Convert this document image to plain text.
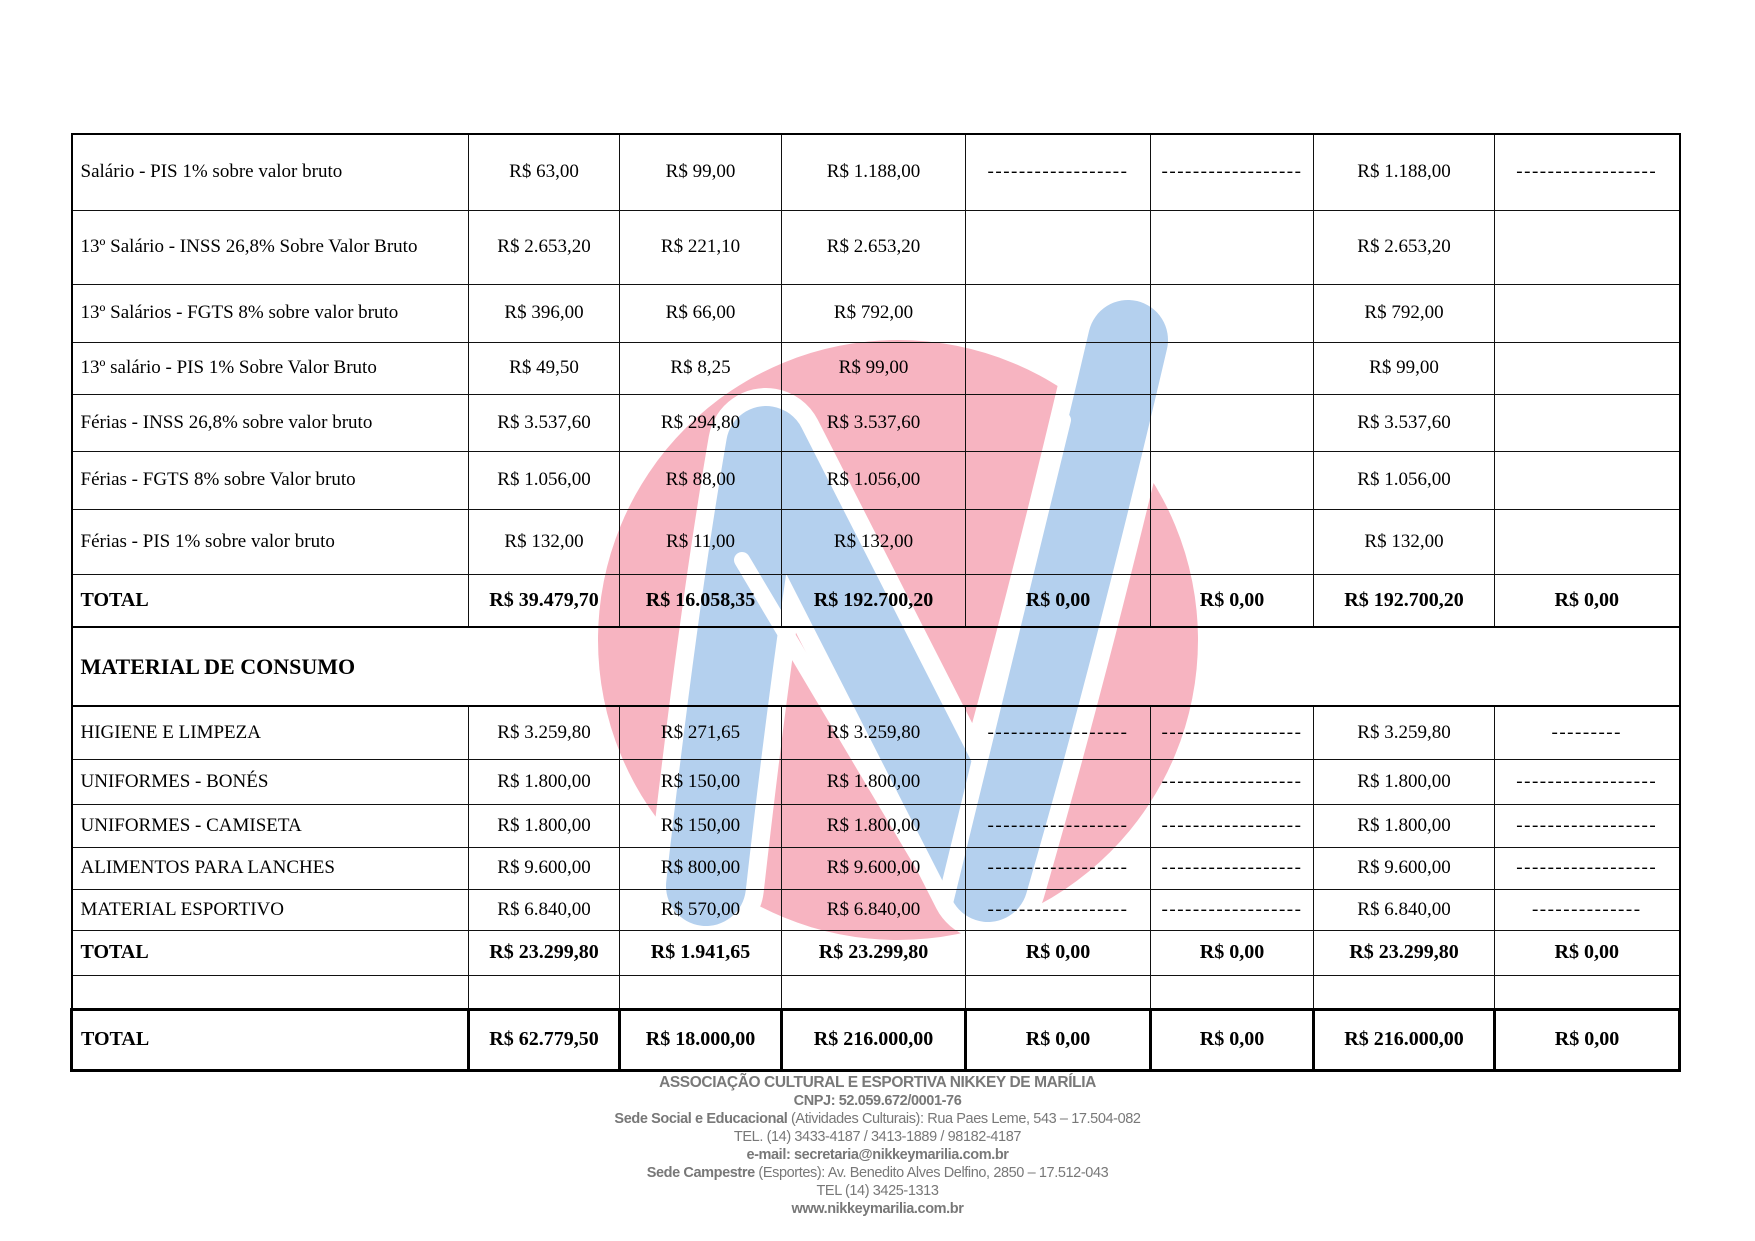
Salário - PIS 1% sobre valor bruto	R$ 63,00	R$ 99,00	R$ 1.188,00	------------------	------------------	R$ 1.188,00	------------------
13º Salário - INSS 26,8% Sobre Valor Bruto	R$ 2.653,20	R$ 221,10	R$ 2.653,20			R$ 2.653,20	
13º Salários - FGTS 8% sobre valor bruto	R$ 396,00	R$ 66,00	R$ 792,00			R$ 792,00	
13º salário - PIS 1% Sobre Valor Bruto	R$ 49,50	R$ 8,25	R$ 99,00			R$ 99,00	
Férias - INSS 26,8% sobre valor bruto	R$ 3.537,60	R$ 294,80	R$ 3.537,60			R$ 3.537,60	
Férias - FGTS 8% sobre Valor bruto	R$ 1.056,00	R$ 88,00	R$ 1.056,00			R$ 1.056,00	
Férias - PIS 1% sobre valor bruto	R$ 132,00	R$ 11,00	R$ 132,00			R$ 132,00	
TOTAL	R$ 39.479,70	R$ 16.058,35	R$ 192.700,20	R$ 0,00	R$ 0,00	R$ 192.700,20	R$ 0,00
MATERIAL DE CONSUMO							
HIGIENE E LIMPEZA	R$ 3.259,80	R$ 271,65	R$ 3.259,80	------------------	------------------	R$ 3.259,80	---------
UNIFORMES - BONÉS	R$ 1.800,00	R$ 150,00	R$ 1.800,00		------------------	R$ 1.800,00	------------------
UNIFORMES - CAMISETA	R$ 1.800,00	R$ 150,00	R$ 1.800,00	------------------	------------------	R$ 1.800,00	------------------
ALIMENTOS PARA LANCHES	R$ 9.600,00	R$ 800,00	R$ 9.600,00	------------------	------------------	R$ 9.600,00	------------------
MATERIAL ESPORTIVO	R$ 6.840,00	R$ 570,00	R$ 6.840,00	------------------	------------------	R$ 6.840,00	--------------
TOTAL	R$ 23.299,80	R$ 1.941,65	R$ 23.299,80	R$ 0,00	R$ 0,00	R$ 23.299,80	R$ 0,00

TOTAL	R$ 62.779,50	R$ 18.000,00	R$ 216.000,00	R$ 0,00	R$ 0,00	R$ 216.000,00	R$ 0,00
ASSOCIAÇÃO CULTURAL E ESPORTIVA NIKKEY DE MARÍLIA
CNPJ: 52.059.672/0001-76
Sede Social e Educacional (Atividades Culturais): Rua Paes Leme, 543 – 17.504-082
TEL. (14) 3433-4187 / 3413-1889 / 98182-4187
e-mail: secretaria@nikkeymarilia.com.br
Sede Campestre (Esportes): Av. Benedito Alves Delfino, 2850 – 17.512-043
TEL (14) 3425-1313
www.nikkeymarilia.com.br
